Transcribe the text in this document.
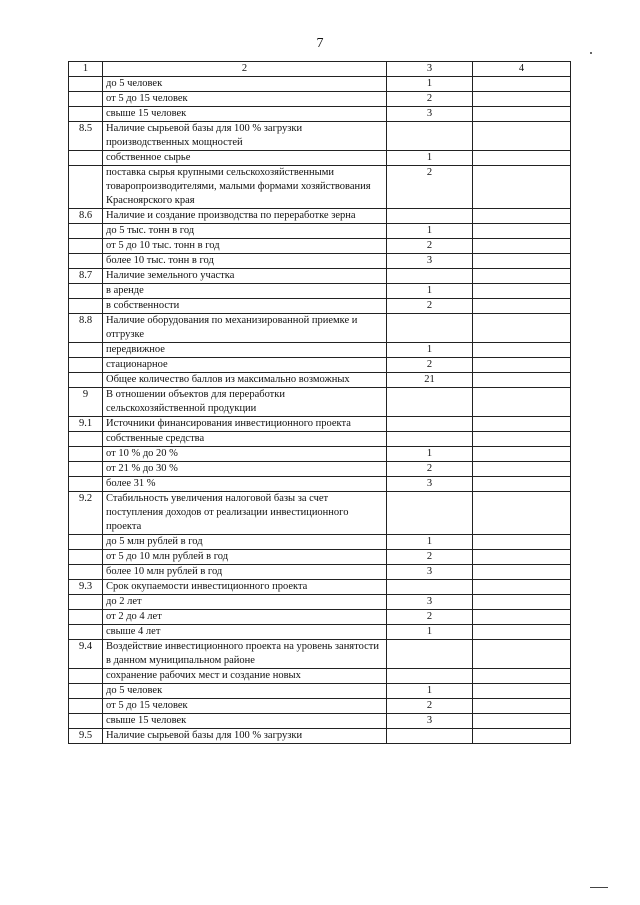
7
1	2	3	4
	до 5 человек	1	
	от 5 до 15 человек	2	
	свыше 15 человек	3	
8.5	Наличие сырьевой базы для 100 % загрузки производственных мощностей		
	собственное сырье	1	
	поставка сырья крупными сельскохозяйственными товаропроизводителями, малыми формами хозяйствования Красноярского края	2	
8.6	Наличие и создание производства по переработке зерна		
	до 5 тыс. тонн в год	1	
	от 5 до 10 тыс. тонн в год	2	
	более 10 тыс. тонн в год	3	
8.7	Наличие земельного участка		
	в аренде	1	
	в собственности	2	
8.8	Наличие оборудования по механизированной приемке и отгрузке		
	передвижное	1	
	стационарное	2	
	Общее количество баллов из максимально возможных	21	
9	В отношении объектов для переработки сельскохозяйственной продукции		
9.1	Источники финансирования инвестиционного проекта		
	собственные средства		
	от 10 % до 20 %	1	
	от 21 % до 30 %	2	
	более 31 %	3	
9.2	Стабильность увеличения налоговой базы за счет поступления доходов от реализации инвестиционного проекта		
	до 5 млн рублей в год	1	
	от 5 до 10 млн рублей в год	2	
	более 10 млн рублей в год	3	
9.3	Срок окупаемости инвестиционного проекта		
	до 2 лет	3	
	от 2 до 4 лет	2	
	свыше 4 лет	1	
9.4	Воздействие инвестиционного проекта на уровень занятости в данном муниципальном районе		
	сохранение рабочих мест и создание новых		
	до 5 человек	1	
	от 5 до 15 человек	2	
	свыше 15 человек	3	
9.5	Наличие сырьевой базы для 100 % загрузки		
